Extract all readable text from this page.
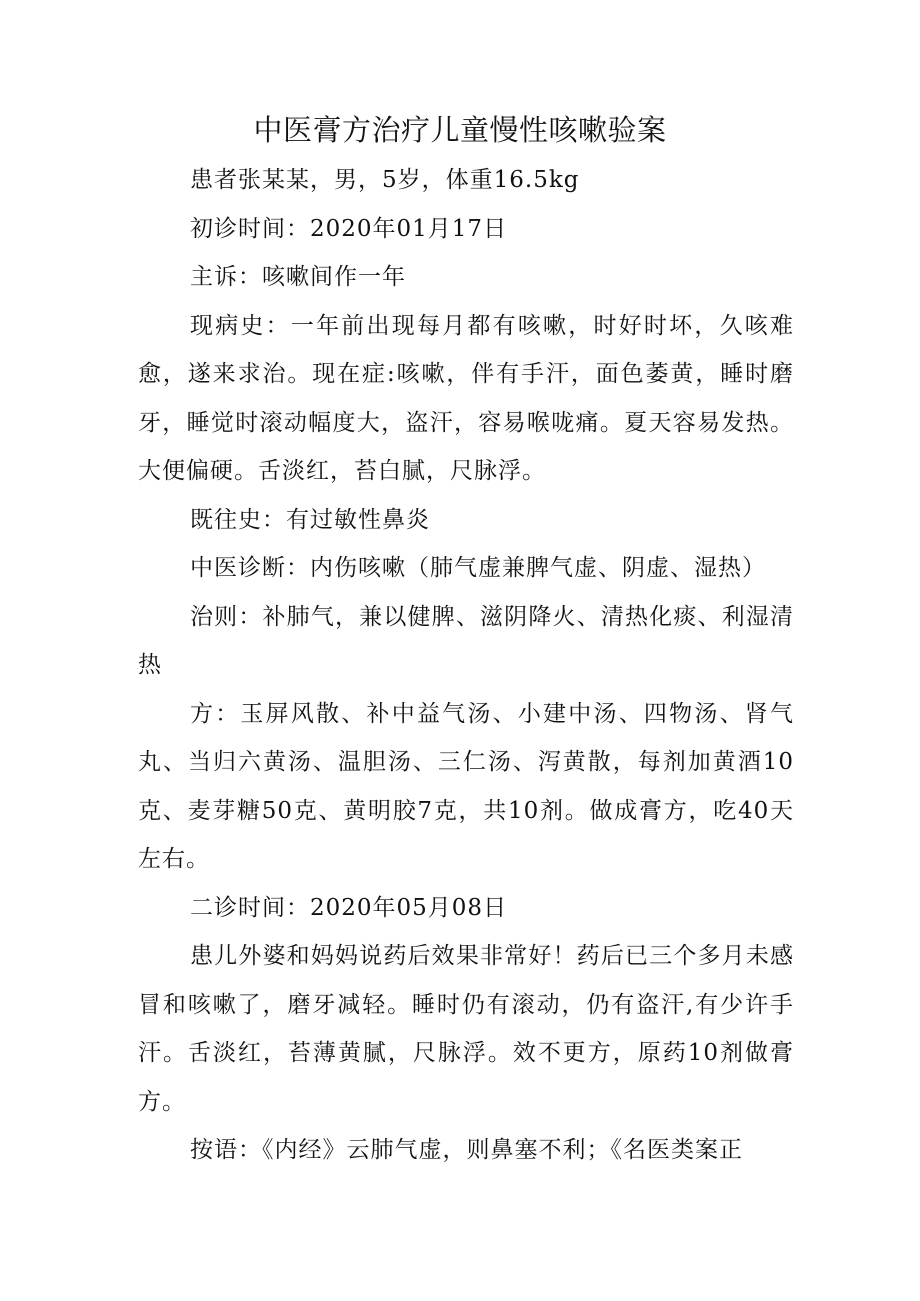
中医膏方治疗儿童慢性咳嗽验案

患者张某某，男，5岁，体重16.5kg

初诊时间：2020年01月17日

主诉：咳嗽间作一年

现病史：一年前出现每月都有咳嗽，时好时坏，久咳难愈，遂来求治。现在症:咳嗽，伴有手汗，面色萎黄，睡时磨牙，睡觉时滚动幅度大，盗汗，容易喉咙痛。夏天容易发热。大便偏硬。舌淡红，苔白腻，尺脉浮。

既往史：有过敏性鼻炎

中医诊断：内伤咳嗽（肺气虚兼脾气虚、阴虚、湿热）

治则：补肺气，兼以健脾、滋阴降火、清热化痰、利湿清热

方：玉屏风散、补中益气汤、小建中汤、四物汤、肾气丸、当归六黄汤、温胆汤、三仁汤、泻黄散，每剂加黄酒10克、麦芽糖50克、黄明胶7克，共10剂。做成膏方，吃40天左右。

二诊时间：2020年05月08日

患儿外婆和妈妈说药后效果非常好！药后已三个多月未感冒和咳嗽了，磨牙减轻。睡时仍有滚动，仍有盗汗,有少许手汗。舌淡红，苔薄黄腻，尺脉浮。效不更方，原药10剂做膏方。

按语：《内经》云肺气虚，则鼻塞不利；《名医类案正
